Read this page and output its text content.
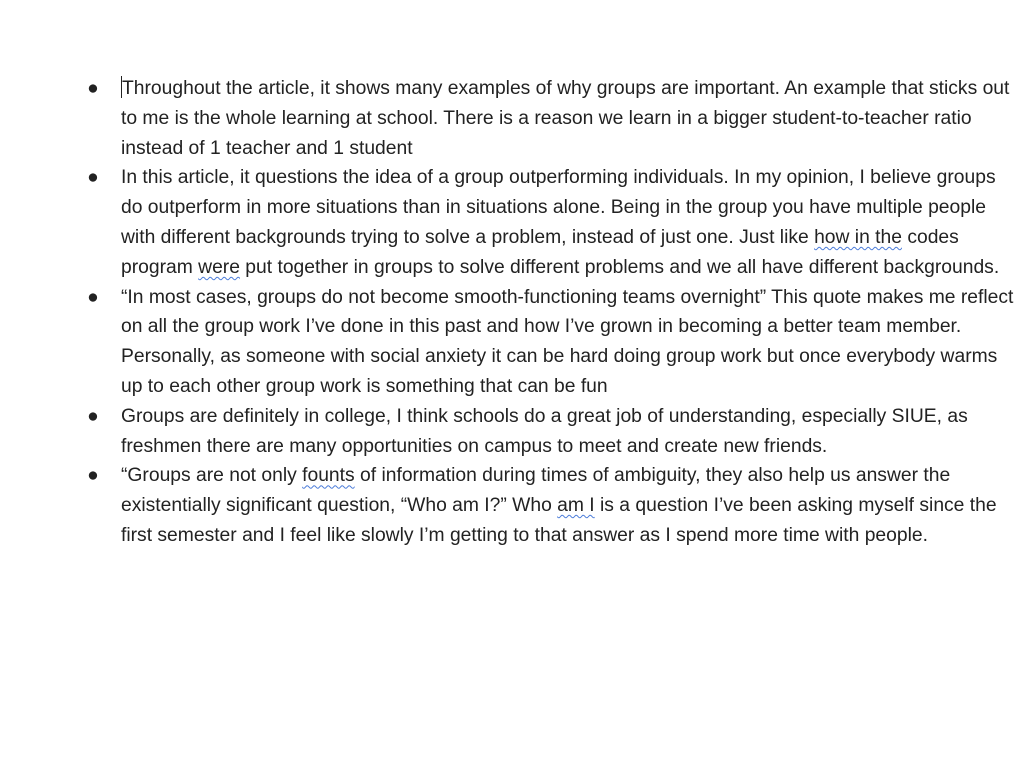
● Throughout the article, it shows many examples of why groups are important. An example that sticks out to me is the whole learning at school. There is a reason we learn in a bigger student-to-teacher ratio instead of 1 teacher and 1 student
● In this article, it questions the idea of a group outperforming individuals. In my opinion, I believe groups do outperform in more situations than in situations alone. Being in the group you have multiple people with different backgrounds trying to solve a problem, instead of just one. Just like how in the codes program were put together in groups to solve different problems and we all have different backgrounds.
● “In most cases, groups do not become smooth-functioning teams overnight” This quote makes me reflect on all the group work I’ve done in this past and how I’ve grown in becoming a better team member. Personally, as someone with social anxiety it can be hard doing group work but once everybody warms up to each other group work is something that can be fun
● Groups are definitely in college, I think schools do a great job of understanding, especially SIUE, as freshmen there are many opportunities on campus to meet and create new friends.
● “Groups are not only founts of information during times of ambiguity, they also help us answer the existentially significant question, “Who am I?” Who am I is a question I’ve been asking myself since the first semester and I feel like slowly I’m getting to that answer as I spend more time with people.
